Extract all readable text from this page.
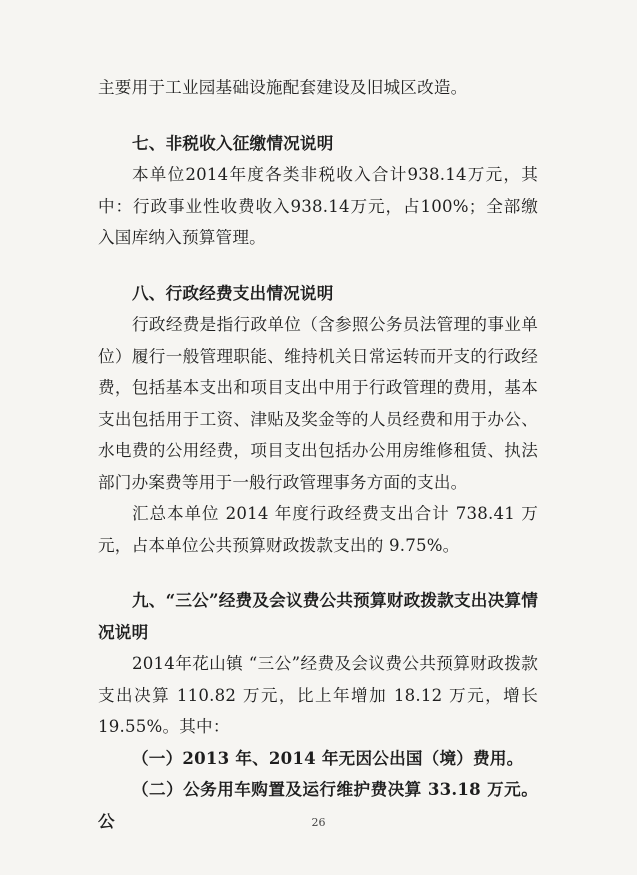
主要用于工业园基础设施配套建设及旧城区改造。

七、非税收入征缴情况说明

本单位2014年度各类非税收入合计938.14万元，其中：行政事业性收费收入938.14万元，占100%；全部缴入国库纳入预算管理。

八、行政经费支出情况说明

行政经费是指行政单位（含参照公务员法管理的事业单位）履行一般管理职能、维持机关日常运转而开支的行政经费，包括基本支出和项目支出中用于行政管理的费用，基本支出包括用于工资、津贴及奖金等的人员经费和用于办公、水电费的公用经费，项目支出包括办公用房维修租赁、执法部门办案费等用于一般行政管理事务方面的支出。

汇总本单位 2014 年度行政经费支出合计 738.41 万元，占本单位公共预算财政拨款支出的 9.75%。

九、“三公”经费及会议费公共预算财政拨款支出决算情况说明

2014年花山镇 “三公”经费及会议费公共预算财政拨款支出决算 110.82 万元，比上年增加 18.12 万元，增长 19.55%。其中：

（一）2013 年、2014 年无因公出国（境）费用。

（二）公务用车购置及运行维护费决算 33.18 万元。公	26
